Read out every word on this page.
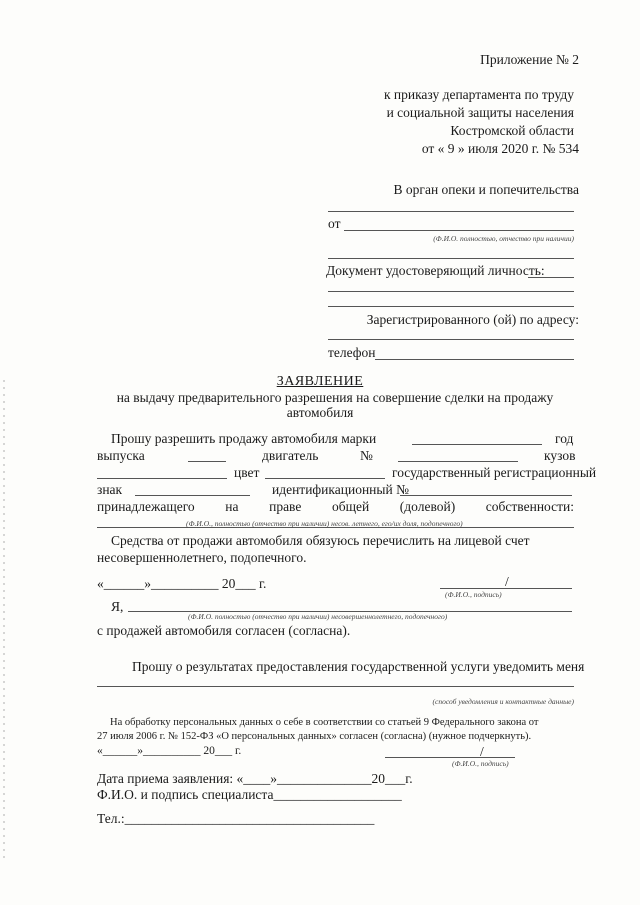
Приложение № 2
к приказу департамента по труду
и социальной защиты населения
Костромской области
от « 9 » июля 2020 г. № 534
В орган опеки и попечительства
от
(Ф.И.О. полностью, отчество при наличии)
Документ удостоверяющий личность:
Зарегистрированного (ой) по адресу:
телефон
ЗАЯВЛЕНИЕ
на выдачу предварительного разрешения на совершение сделки на продажу
автомобиля
Прошу разрешить продажу автомобиля марки	год
выпуска	двигатель	№	кузов
цвет	государственный регистрационный
знак	идентификационный №
принадлежащего на праве общей (долевой) собственности:
(Ф.И.О., полностью (отчество при наличии) несов. летнего, его/их доля, подопечного)
Средства от продажи автомобиля обязуюсь перечислить на лицевой счет
несовершеннолетнего, подопечного.
«______»__________ 20___ г.	/
(Ф.И.О., подпись)
Я,
(Ф.И.О. полностью (отчество при наличии) несовершеннолетнего, подопечного)
с продажей автомобиля согласен (согласна).
Прошу о результатах предоставления государственной услуги уведомить меня
(способ уведомления и контактные данные)
На обработку персональных данных о себе в соответствии со статьей 9 Федерального закона от
27 июля 2006 г. № 152-ФЗ «О персональных данных» согласен (согласна) (нужное подчеркнуть).
«______»__________ 20___ г.	/
(Ф.И.О., подпись)
Дата приема заявления: «____»______________20___г.
Ф.И.О. и подпись специалиста___________________
Тел.:_____________________________________
